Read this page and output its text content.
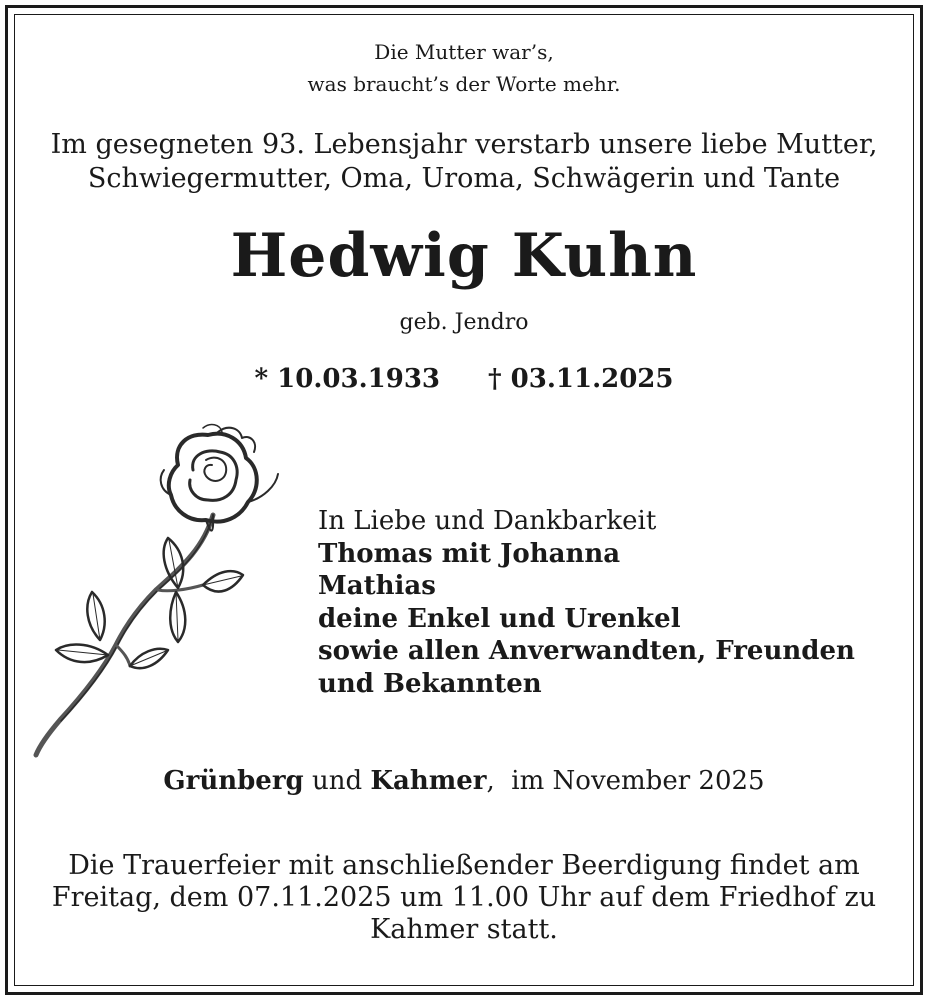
Die Mutter war’s,
was braucht’s der Worte mehr.
Im gesegneten 93. Lebensjahr verstarb unsere liebe Mutter,
Schwiegermutter, Oma, Uroma, Schwägerin und Tante
Hedwig Kuhn
geb. Jendro
* 10.03.1933 † 03.11.2025
In Liebe und Dankbarkeit
Thomas mit Johanna
Mathias
deine Enkel und Urenkel
sowie allen Anverwandten, Freunden
und Bekannten
Grünberg und Kahmer,  im November 2025
Die Trauerfeier mit anschließender Beerdigung findet am
Freitag, dem 07.11.2025 um 11.00 Uhr auf dem Friedhof zu
Kahmer statt.
